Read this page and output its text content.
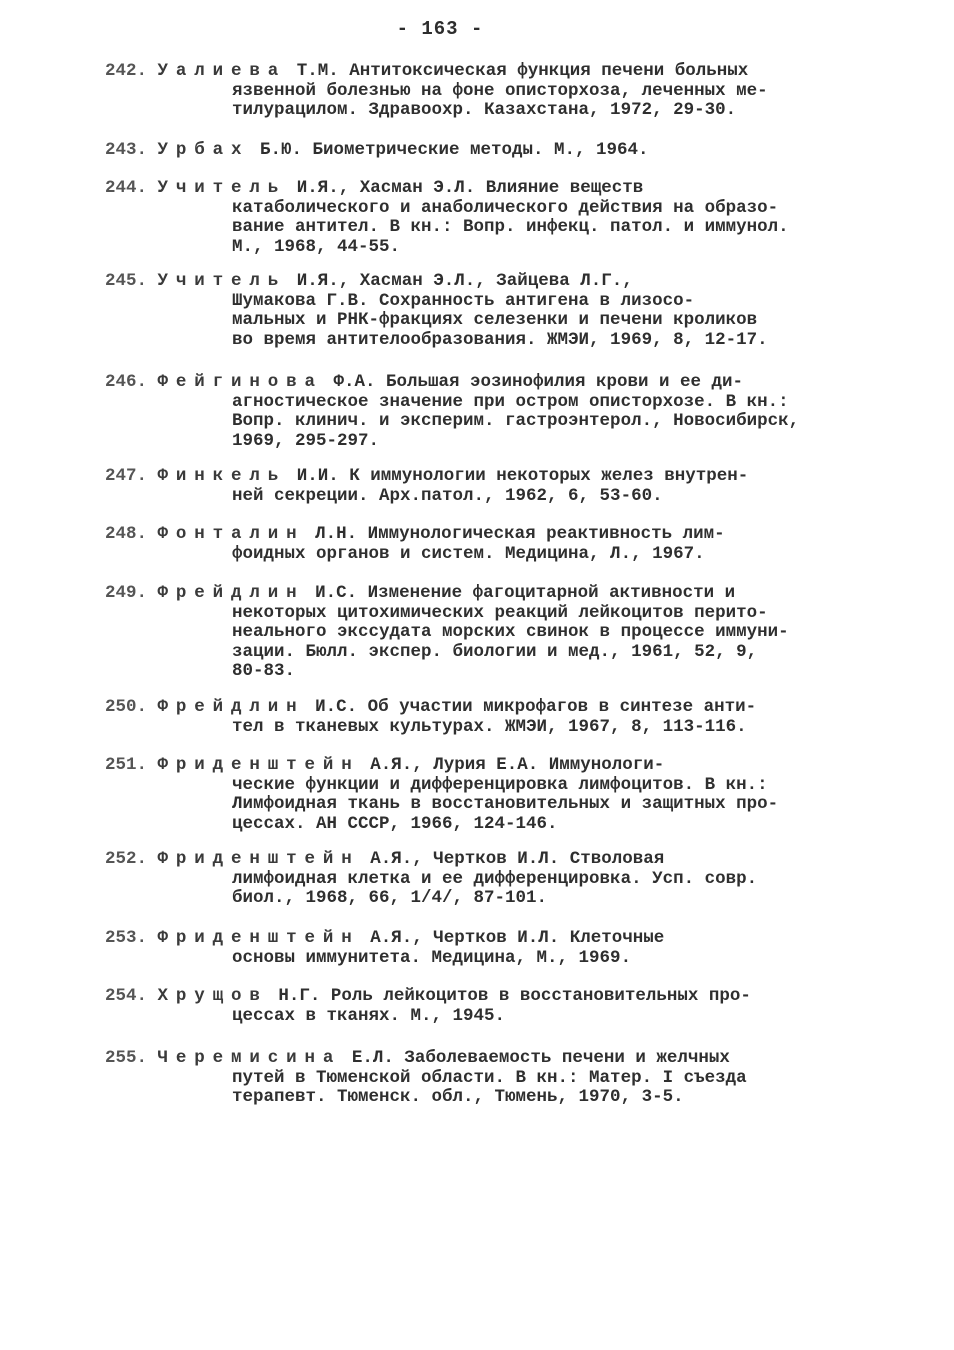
- 163 -
242. Уалиева Т.М. Антитоксическая функция печени больных
язвенной болезнью на фоне описторхоза, леченных ме-
тилурацилом. Здравоохр. Казахстана, 1972, 29-30.
243. Урбах Б.Ю. Биометрические методы. М., 1964.
244. Учитель И.Я., Хасман Э.Л. Влияние веществ
катаболического и анаболического действия на образо-
вание антител. В кн.: Вопр. инфекц. патол. и иммунол.
М., 1968, 44-55.
245. Учитель И.Я., Хасман Э.Л., Зайцева Л.Г.,
Шумакова Г.В. Сохранность антигена в лизосо-
мальных и РНК-фракциях селезенки и печени кроликов
во время антителообразования. ЖМЭИ, 1969, 8, 12-17.
246. Фейгинова Ф.А. Большая эозинофилия крови и ее ди-
агностическое значение при остром описторхозе. В кн.:
Вопр. клинич. и эксперим. гастроэнтерол., Новосибирск,
1969, 295-297.
247. Финкель И.И. К иммунологии некоторых желез внутрен-
ней секреции. Арх.патол., 1962, 6, 53-60.
248. Фонталин Л.Н. Иммунологическая реактивность лим-
фоидных органов и систем. Медицина, Л., 1967.
249. Фрейдлин И.С. Изменение фагоцитарной активности и
некоторых цитохимических реакций лейкоцитов перито-
неального экссудата морских свинок в процессе иммуни-
зации. Бюлл. экспер. биологии и мед., 1961, 52, 9,
80-83.
250. Фрейдлин И.С. Об участии микрофагов в синтезе анти-
тел в тканевых культурах. ЖМЭИ, 1967, 8, 113-116.
251. Фриденштейн А.Я., Лурия Е.А. Иммунологи-
ческие функции и дифференцировка лимфоцитов. В кн.:
Лимфоидная ткань в восстановительных и защитных про-
цессах. АН СССР, 1966, 124-146.
252. Фриденштейн А.Я., Чертков И.Л. Стволовая
лимфоидная клетка и ее дифференцировка. Усп. совр.
биол., 1968, 66, 1/4/, 87-101.
253. Фриденштейн А.Я., Чертков И.Л. Клеточные
основы иммунитета. Медицина, М., 1969.
254. Хрущов Н.Г. Роль лейкоцитов в восстановительных про-
цессах в тканях. М., 1945.
255. Черемисина Е.Л. Заболеваемость печени и желчных
путей в Тюменской области. В кн.: Матер. I съезда
терапевт. Тюменск. обл., Тюмень, 1970, 3-5.
